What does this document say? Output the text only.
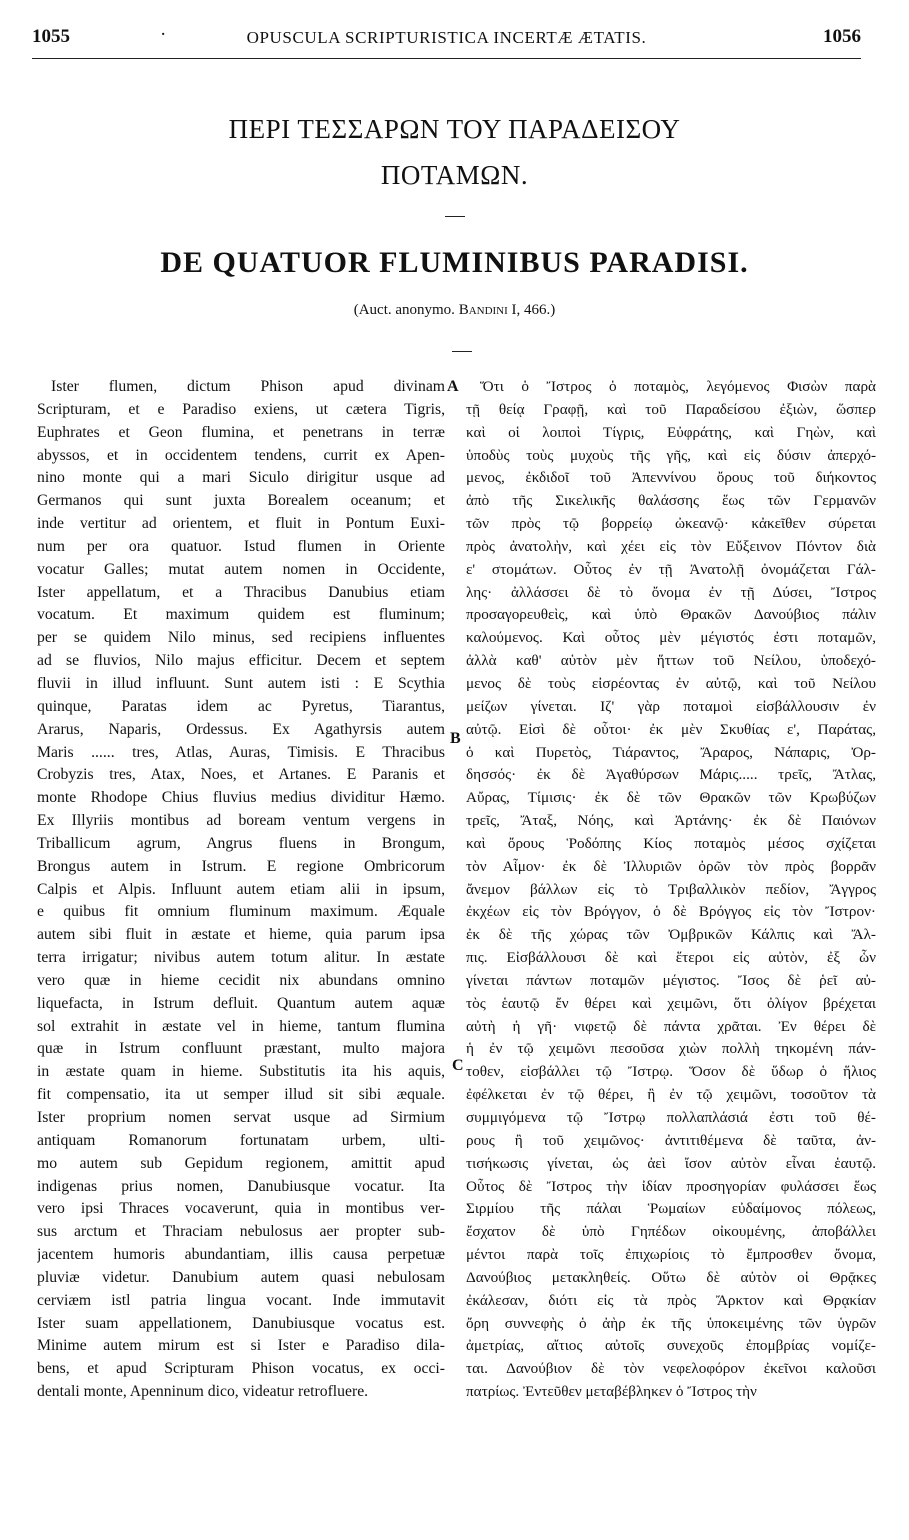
1055	·	OPUSCULA SCRIPTURISTICA INCERTÆ ÆTATIS.	1056
ΠΕΡΙ ΤΕΣΣΑΡΩΝ ΤΟΥ ΠΑΡΑΔΕΙΣΟΥ
ΠΟΤΑΜΩΝ.
DE QUATUOR FLUMINIBUS PARADISI.
(Auct. anonymo. Bandini I, 466.)
A
B
C
Ister flumen, dictum Phison apud divinam
Scripturam, et e Paradiso exiens, ut cætera Tigris,
Euphrates et Geon flumina, et penetrans in terræ
abyssos, et in occidentem tendens, currit ex Apen-
nino monte qui a mari Siculo dirigitur usque ad
Germanos qui sunt juxta Borealem oceanum; et
inde vertitur ad orientem, et fluit in Pontum Euxi-
num per ora quatuor. Istud flumen in Oriente
vocatur Galles; mutat autem nomen in Occidente,
Ister appellatum, et a Thracibus Danubius etiam
vocatum. Et maximum quidem est fluminum;
per se quidem Nilo minus, sed recipiens influentes
ad se fluvios, Nilo majus efficitur. Decem et septem
fluvii in illud influunt. Sunt autem isti : E Scythia
quinque, Paratas idem ac Pyretus, Tiarantus,
Ararus, Naparis, Ordessus. Ex Agathyrsis autem
Maris ...... tres, Atlas, Auras, Timisis. E Thracibus
Crobyzis tres, Atax, Noes, et Artanes. E Paranis et
monte Rhodope Chius fluvius medius dividitur Hæmo.
Ex Illyriis montibus ad boream ventum vergens in
Triballicum agrum, Angrus fluens in Brongum,
Brongus autem in Istrum. E regione Ombricorum
Calpis et Alpis. Influunt autem etiam alii in ipsum,
e quibus fit omnium fluminum maximum. Æquale
autem sibi fluit in æstate et hieme, quia parum ipsa
terra irrigatur; nivibus autem totum alitur. In æstate
vero quæ in hieme cecidit nix abundans omnino
liquefacta, in Istrum defluit. Quantum autem aquæ
sol extrahit in æstate vel in hieme, tantum flumina
quæ in Istrum confluunt præstant, multo majora
in æstate quam in hieme. Substitutis ita his aquis,
fit compensatio, ita ut semper illud sit sibi æquale.
Ister proprium nomen servat usque ad Sirmium
antiquam Romanorum fortunatam urbem, ulti-
mo autem sub Gepidum regionem, amittit apud
indigenas prius nomen, Danubiusque vocatur. Ita
vero ipsi Thraces vocaverunt, quia in montibus ver-
sus arctum et Thraciam nebulosus aer propter sub-
jacentem humoris abundantiam, illis causa perpetuæ
pluviæ videtur. Danubium autem quasi nebulosam
cerviæm istl patria lingua vocant. Inde immutavit
Ister suam appellationem, Danubiusque vocatus est.
Minime autem mirum est si Ister e Paradiso dila-
bens, et apud Scripturam Phison vocatus, ex occi-
dentali monte, Apenninum dico, videatur retrofluere.
Ὅτι ὁ Ἴστρος ὁ ποταμὸς, λεγόμενος Φισὼν παρὰ
τῇ θείᾳ Γραφῇ, καὶ τοῦ Παραδείσου ἐξιὼν, ὥσπερ
καὶ οἱ λοιποὶ Τίγρις, Εὐφράτης, καὶ Γηὼν, καὶ
ὑποδὺς τοὺς μυχοὺς τῆς γῆς, καὶ εἰς δύσιν ἀπερχό-
μενος, ἐκδιδοῖ τοῦ Ἀπεννίνου ὄρους τοῦ διήκοντος
ἀπὸ τῆς Σικελικῆς θαλάσσης ἕως τῶν Γερμανῶν
τῶν πρὸς τῷ βορρείῳ ὠκεανῷ· κἀκεῖθεν σύρεται
πρὸς ἀνατολὴν, καὶ χέει εἰς τὸν Εὔξεινον Πόντον διὰ
ε' στομάτων. Οὗτος ἐν τῇ Ἀνατολῇ ὀνομάζεται Γάλ-
λης· ἀλλάσσει δὲ τὸ ὄνομα ἐν τῇ Δύσει, Ἴστρος
προσαγορευθεὶς, καὶ ὑπὸ Θρακῶν Δανούβιος πάλιν
καλούμενος. Καὶ οὗτος μὲν μέγιστός ἐστι ποταμῶν,
ἀλλὰ καθ' αὑτὸν μὲν ἥττων τοῦ Νείλου, ὑποδεχό-
μενος δὲ τοὺς εἰσρέοντας ἐν αὐτῷ, καὶ τοῦ Νείλου
μείζων γίνεται. Ιζ' γὰρ ποταμοὶ εἰσβάλλουσιν ἐν
αὐτῷ. Εἰσὶ δὲ οὗτοι· ἐκ μὲν Σκυθίας ε', Παράτας,
ὁ καὶ Πυρετὸς, Τιάραντος, Ἄραρος, Νάπαρις, Ὀρ-
δησσός· ἐκ δὲ Ἀγαθύρσων Μάρις..... τρεῖς, Ἄτλας,
Αὔρας, Τίμισις· ἐκ δὲ τῶν Θρακῶν τῶν Κρωβύζων
τρεῖς, Ἄταξ, Νόης, καὶ Ἀρτάνης· ἐκ δὲ Παιόνων
καὶ ὄρους Ῥοδόπης Κίος ποταμὸς μέσος σχίζεται
τὸν Αἷμον· ἐκ δὲ Ἰλλυριῶν ὀρῶν τὸν πρὸς βορρᾶν
ἄνεμον βάλλων εἰς τὸ Τριβαλλικὸν πεδίον, Ἄγγρος
ἐκχέων εἰς τὸν Βρόγγον, ὁ δὲ Βρόγγος εἰς τὸν Ἴστρον·
ἐκ δὲ τῆς χώρας τῶν Ὀμβρικῶν Κάλπις καὶ Ἄλ-
πις. Εἰσβάλλουσι δὲ καὶ ἕτεροι εἰς αὐτὸν, ἐξ ὧν
γίνεται πάντων ποταμῶν μέγιστος. Ἴσος δὲ ῥεῖ αὐ-
τὸς ἑαυτῷ ἔν θέρει καὶ χειμῶνι, ὅτι ὀλίγον βρέχεται
αὐτὴ ἡ γῆ· νιφετῷ δὲ πάντα χρᾶται. Ἐν θέρει δὲ
ἡ ἐν τῷ χειμῶνι πεσοῦσα χιὼν πολλὴ τηκομένη πάν-
τοθεν, εἰσβάλλει τῷ Ἴστρῳ. Ὅσον δὲ ὕδωρ ὁ ἥλιος
ἐφέλκεται ἐν τῷ θέρει, ἢ ἐν τῷ χειμῶνι, τοσοῦτον τὰ
συμμιγόμενα τῷ Ἴστρῳ πολλαπλάσιά ἐστι τοῦ θέ-
ρους ἢ τοῦ χειμῶνος· ἀντιτιθέμενα δὲ ταῦτα, ἀν-
τισήκωσις γίνεται, ὡς ἀεὶ ἴσον αὐτὸν εἶναι ἑαυτῷ.
Οὗτος δὲ Ἴστρος τὴν ἰδίαν προσηγορίαν φυλάσσει ἕως
Σιρμίου τῆς πάλαι Ῥωμαίων εὐδαίμονος πόλεως,
ἔσχατον δὲ ὑπὸ Γηπέδων οἰκουμένης, ἀποβάλλει
μέντοι παρὰ τοῖς ἐπιχωρίοις τὸ ἔμπροσθεν ὄνομα,
Δανούβιος μετακληθείς. Οὕτω δὲ αὐτὸν οἱ Θρᾷκες
ἐκάλεσαν, διότι εἰς τὰ πρὸς Ἄρκτον καὶ Θρᾳκίαν
ὄρη συννεφὴς ὁ ἀὴρ ἐκ τῆς ὑποκειμένης τῶν ὑγρῶν
ἀμετρίας, αἴτιος αὐτοῖς συνεχοῦς ἐπομβρίας νομίζε-
ται. Δανούβιον δὲ τὸν νεφελοφόρον ἐκεῖνοι καλοῦσι
πατρίως. Ἐντεῦθεν μεταβέβληκεν ὁ Ἴστρος τὴν
